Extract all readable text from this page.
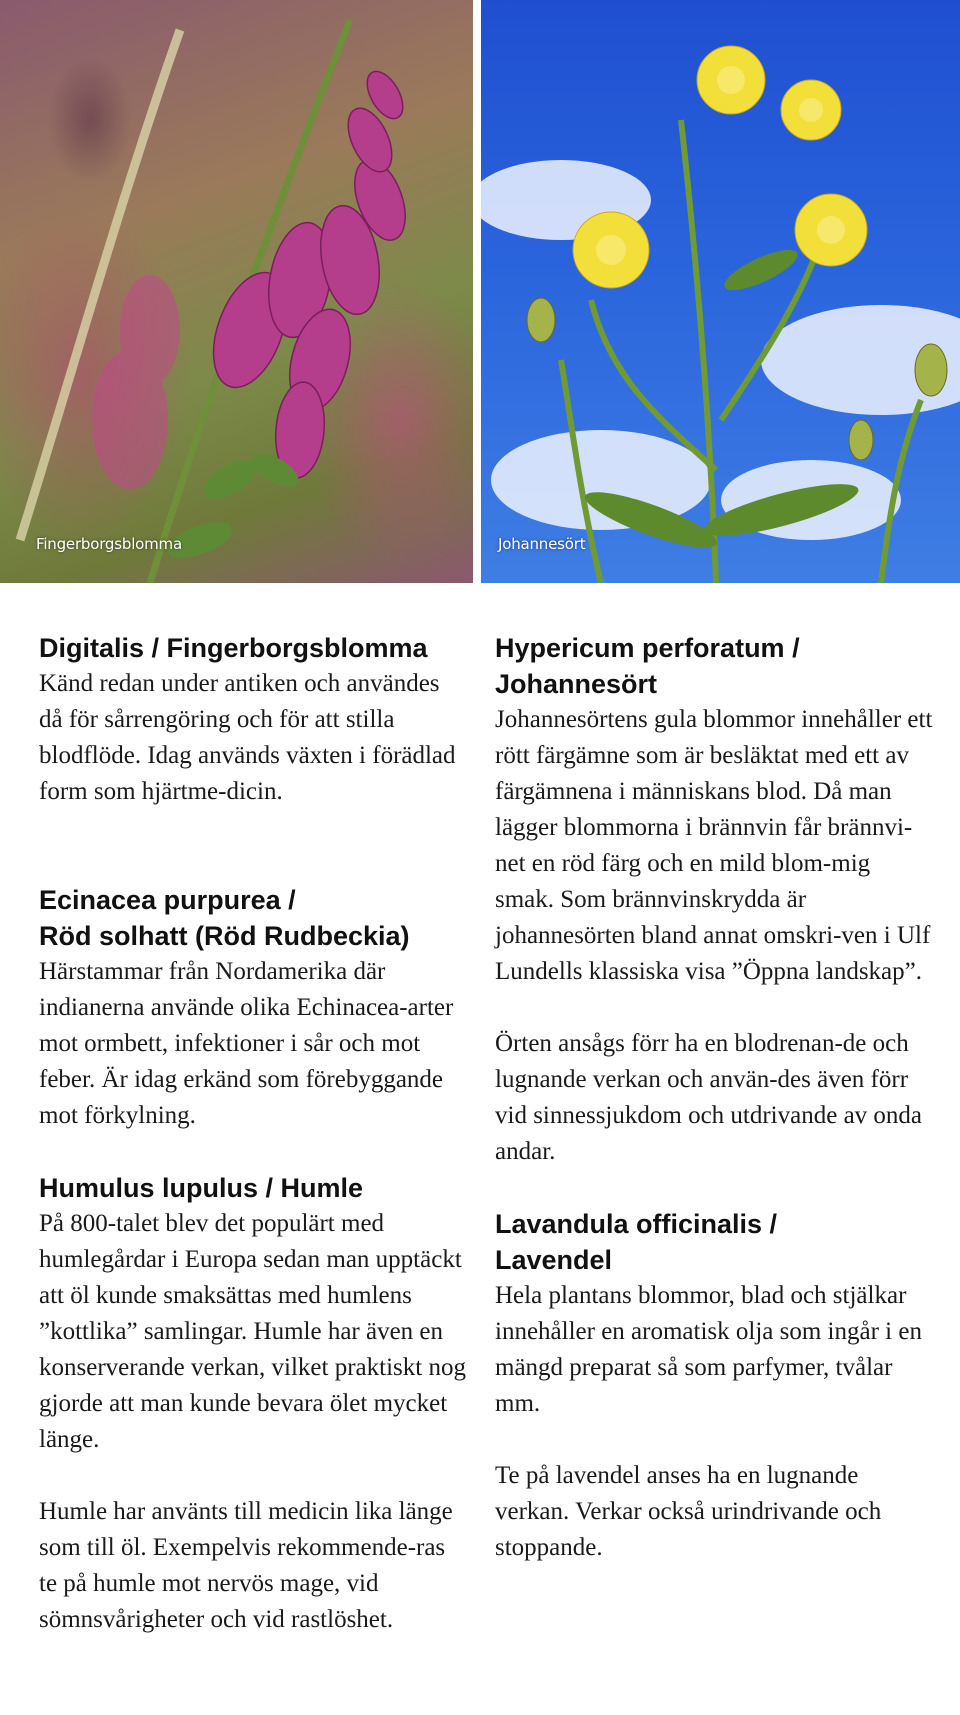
Fingerborgsblomma	Johannesört
Digitalis / Fingerborgsblomma

Känd redan under antiken och användes då för sårrengöring och för att stilla blodflöde. Idag används växten i förädlad form som hjärtme-dicin.

Ecinacea purpurea /
Röd solhatt (Röd Rudbeckia)

Härstammar från Nordamerika där indianerna använde olika Echinacea-arter mot ormbett, infektioner i sår och mot feber. Är idag erkänd som förebyggande mot förkylning.

Humulus lupulus / Humle

På 800-talet blev det populärt med humlegårdar i Europa sedan man upptäckt att öl kunde smaksättas med humlens ”kottlika” samlingar. Humle har även en konserverande verkan, vilket praktiskt nog gjorde att man kunde bevara ölet mycket länge.

Humle har använts till medicin lika länge som till öl. Exempelvis rekommende-ras te på humle mot nervös mage, vid sömnsvårigheter och vid rastlöshet.

Hypericum perforatum /
Johannesört

Johannesörtens gula blommor innehåller ett rött färgämne som är besläktat med ett av färgämnena i människans blod. Då man lägger blommorna i brännvin får brännvi-net en röd färg och en mild blom-mig smak. Som brännvinskrydda är johannesörten bland annat omskri-ven i Ulf Lundells klassiska visa ”Öppna landskap”.

Örten ansågs förr ha en blodrenan-de och lugnande verkan och använ-des även förr vid sinnessjukdom och utdrivande av onda andar.

Lavandula officinalis /
Lavendel

Hela plantans blommor, blad och stjälkar innehåller en aromatisk olja som ingår i en mängd preparat så som parfymer, tvålar mm.

Te på lavendel anses ha en lugnande verkan. Verkar också urindrivande och stoppande.
